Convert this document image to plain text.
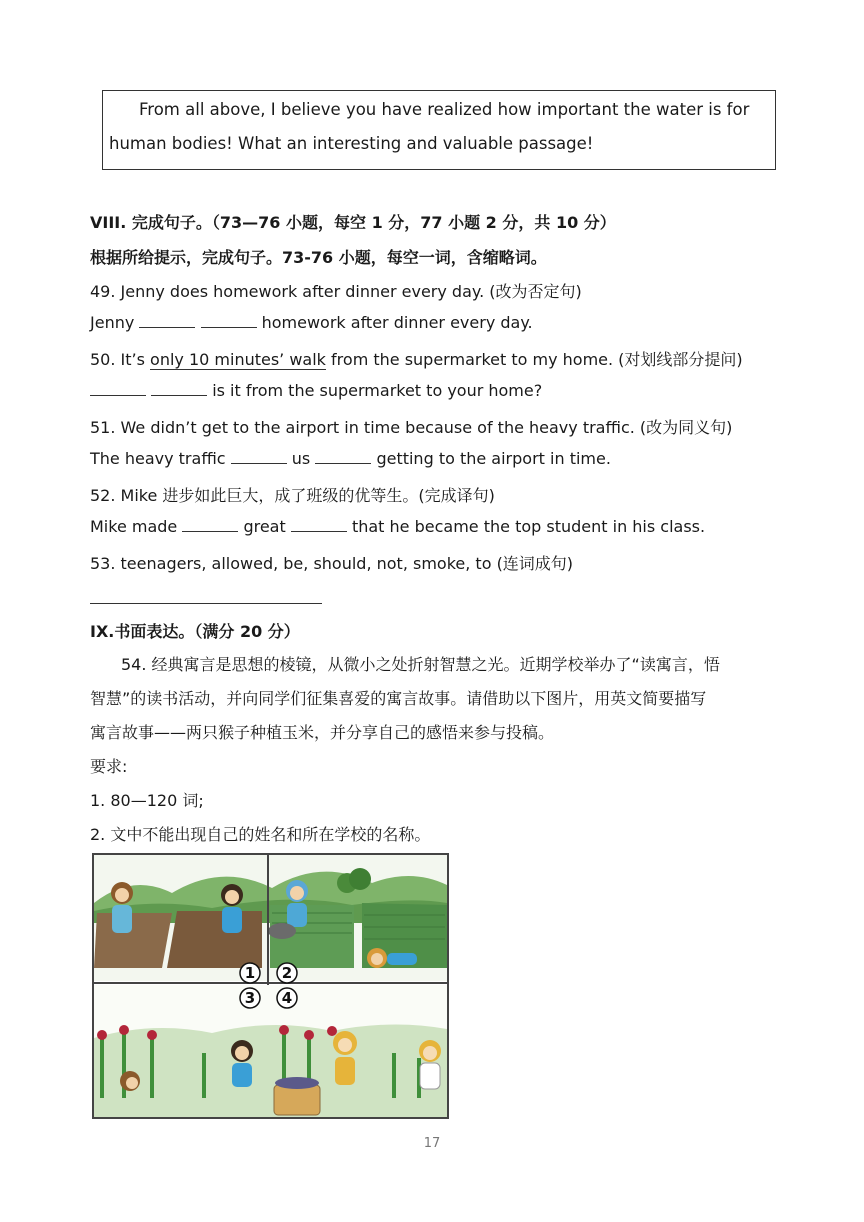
From all above, I believe you have realized how important the water is for
human bodies! What an interesting and valuable passage!
VIII. 完成句子。（73—76 小题，每空 1 分，77 小题 2 分，共 10 分）
根据所给提示，完成句子。73-76 小题，每空一词，含缩略词。
49. Jenny does homework after dinner every day. (改为否定句)
Jenny	homework after dinner every day.
50. It’s only 10 minutes’ walk from the supermarket to my home. (对划线部分提问)
is it from the supermarket to your home?
51. We didn’t get to the airport in time because of the heavy traffic. (改为同义句)
The heavy traffic	us	getting to the airport in time.
52. Mike 进步如此巨大，成了班级的优等生。(完成译句)
Mike made	great	that he became the top student in his class.
53. teenagers, allowed, be, should, not, smoke, to (连词成句)
IX.书面表达。（满分 20 分）
54. 经典寓言是思想的棱镜，从微小之处折射智慧之光。近期学校举办了“读寓言，悟
智慧”的读书活动，并向同学们征集喜爱的寓言故事。请借助以下图片，用英文简要描写
寓言故事——两只猴子种植玉米，并分享自己的感悟来参与投稿。
要求:
1. 80—120 词;
2. 文中不能出现自己的姓名和所在学校的名称。
1 2
3 4
17
